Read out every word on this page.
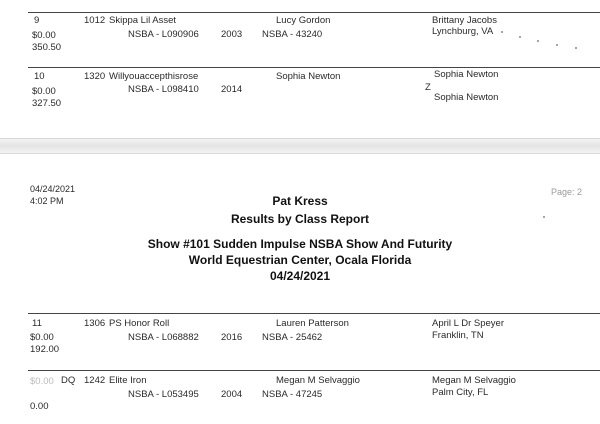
9	1012 Skippa Lil Asset	Lucy Gordon	Brittany Jacobs
$0.00	NSBA - L090906 2003 NSBA - 43240	Lynchburg, VA
350.50
10	1320 Willyouaccepthisrose	Sophia Newton	Sophia Newton
$0.00	NSBA - L098410 2014	Z
Sophia Newton
327.50
04/24/2021
4:02 PM
Page: 2
Pat Kress
Results by Class Report
Show #101 Sudden Impulse NSBA Show And Futurity
World Equestrian Center, Ocala Florida
04/24/2021
11	1306 PS Honor Roll	Lauren Patterson	April L Dr Speyer
$0.00	NSBA - L068882 2016 NSBA - 25462	Franklin, TN
192.00
$0.00 DQ 1242 Elite Iron	Megan M Selvaggio	Megan M Selvaggio
NSBA - L053495 2004 NSBA - 47245	Palm City, FL
0.00
